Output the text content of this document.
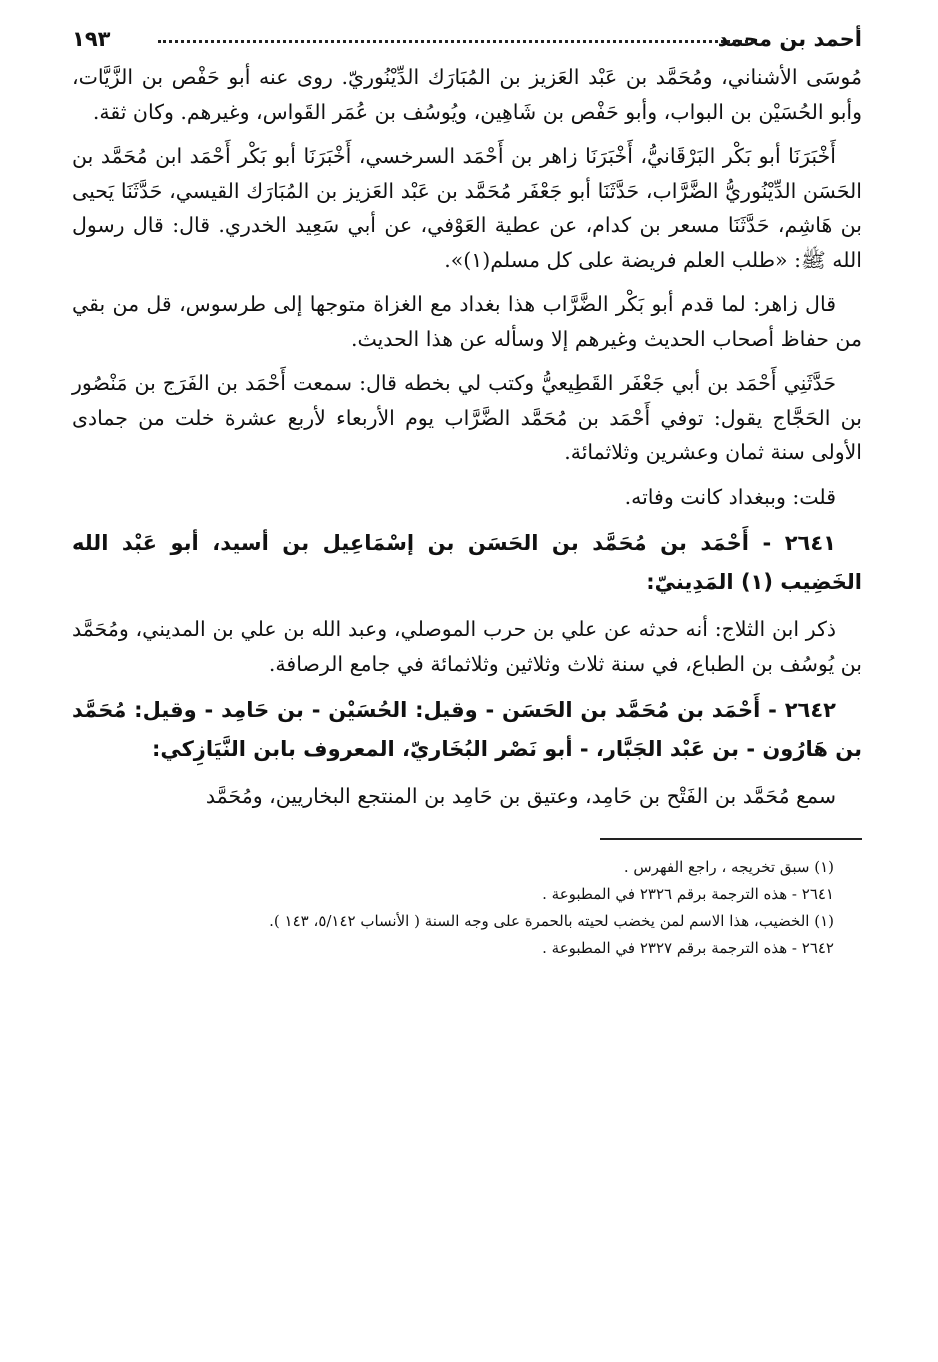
أحمد بن محمد
١٩٣

مُوسَى الأشناني، ومُحَمَّد بن عَبْد العَزيز بن المُبَارَك الدِّيْنُوريّ. روى عنه أبو حَفْص بن الزَّيَّات، وأبو الحُسَيْن بن البواب، وأبو حَفْص بن شَاهِين، ويُوسُف بن عُمَر القَواس، وغيرهم. وكان ثقة.

أَخْبَرَنَا أبو بَكْر البَرْقَانيُّ، أَخْبَرَنَا زاهر بن أَحْمَد السرخسي، أَخْبَرَنَا أبو بَكْر أَحْمَد ابن مُحَمَّد بن الحَسَن الدِّيْنُوريُّ الضَّرَّاب، حَدَّثَنَا أبو جَعْفَر مُحَمَّد بن عَبْد العَزيز بن المُبَارَك القيسي، حَدَّثَنَا يَحيى بن هَاشِم، حَدَّثَنَا مسعر بن كدام، عن عطية العَوْفي، عن أبي سَعِيد الخدري. قال: قال رسول الله ﷺ: «طلب العلم فريضة على كل مسلم(١)».

قال زاهر: لما قدم أبو بَكْر الضَّرَّاب هذا بغداد مع الغزاة متوجها إلى طرسوس، قل من بقي من حفاظ أصحاب الحديث وغيرهم إلا وسأله عن هذا الحديث.

حَدَّثَنِي أَحْمَد بن أبي جَعْفَر القَطِيعيُّ وكتب لي بخطه قال: سمعت أَحْمَد بن الفَرَج بن مَنْصُور بن الحَجَّاج يقول: توفي أَحْمَد بن مُحَمَّد الضَّرَّاب يوم الأربعاء لأربع عشرة خلت من جمادى الأولى سنة ثمان وعشرين وثلاثمائة.

قلت: وببغداد كانت وفاته.

٢٦٤١ - أَحْمَد بن مُحَمَّد بن الحَسَن بن إسْمَاعِيل بن أسيد، أبو عَبْد الله الخَضِيب (١) المَدِينيّ:

ذكر ابن الثلاج: أنه حدثه عن علي بن حرب الموصلي، وعبد الله بن علي بن المديني، ومُحَمَّد بن يُوسُف بن الطباع، في سنة ثلاث وثلاثين وثلاثمائة في جامع الرصافة.

٢٦٤٢ - أَحْمَد بن مُحَمَّد بن الحَسَن - وقيل: الحُسَيْن - بن حَامِد - وقيل: مُحَمَّد بن هَارُون - بن عَبْد الجَبَّار، - أبو نَصْر البُخَاريّ، المعروف بابن النَّيَازِكي:

سمع مُحَمَّد بن الفَتْح بن حَامِد، وعتيق بن حَامِد بن المنتجع البخاريين، ومُحَمَّد

(١) سبق تخريجه ، راجع الفهرس .

٢٦٤١ - هذه الترجمة برقم ٢٣٢٦ في المطبوعة .

(١) الخضيب، هذا الاسم لمن يخضب لحيته بالحمرة على وجه السنة ( الأنساب ٥/١٤٢، ١٤٣ ).

٢٦٤٢ - هذه الترجمة برقم ٢٣٢٧ في المطبوعة .
